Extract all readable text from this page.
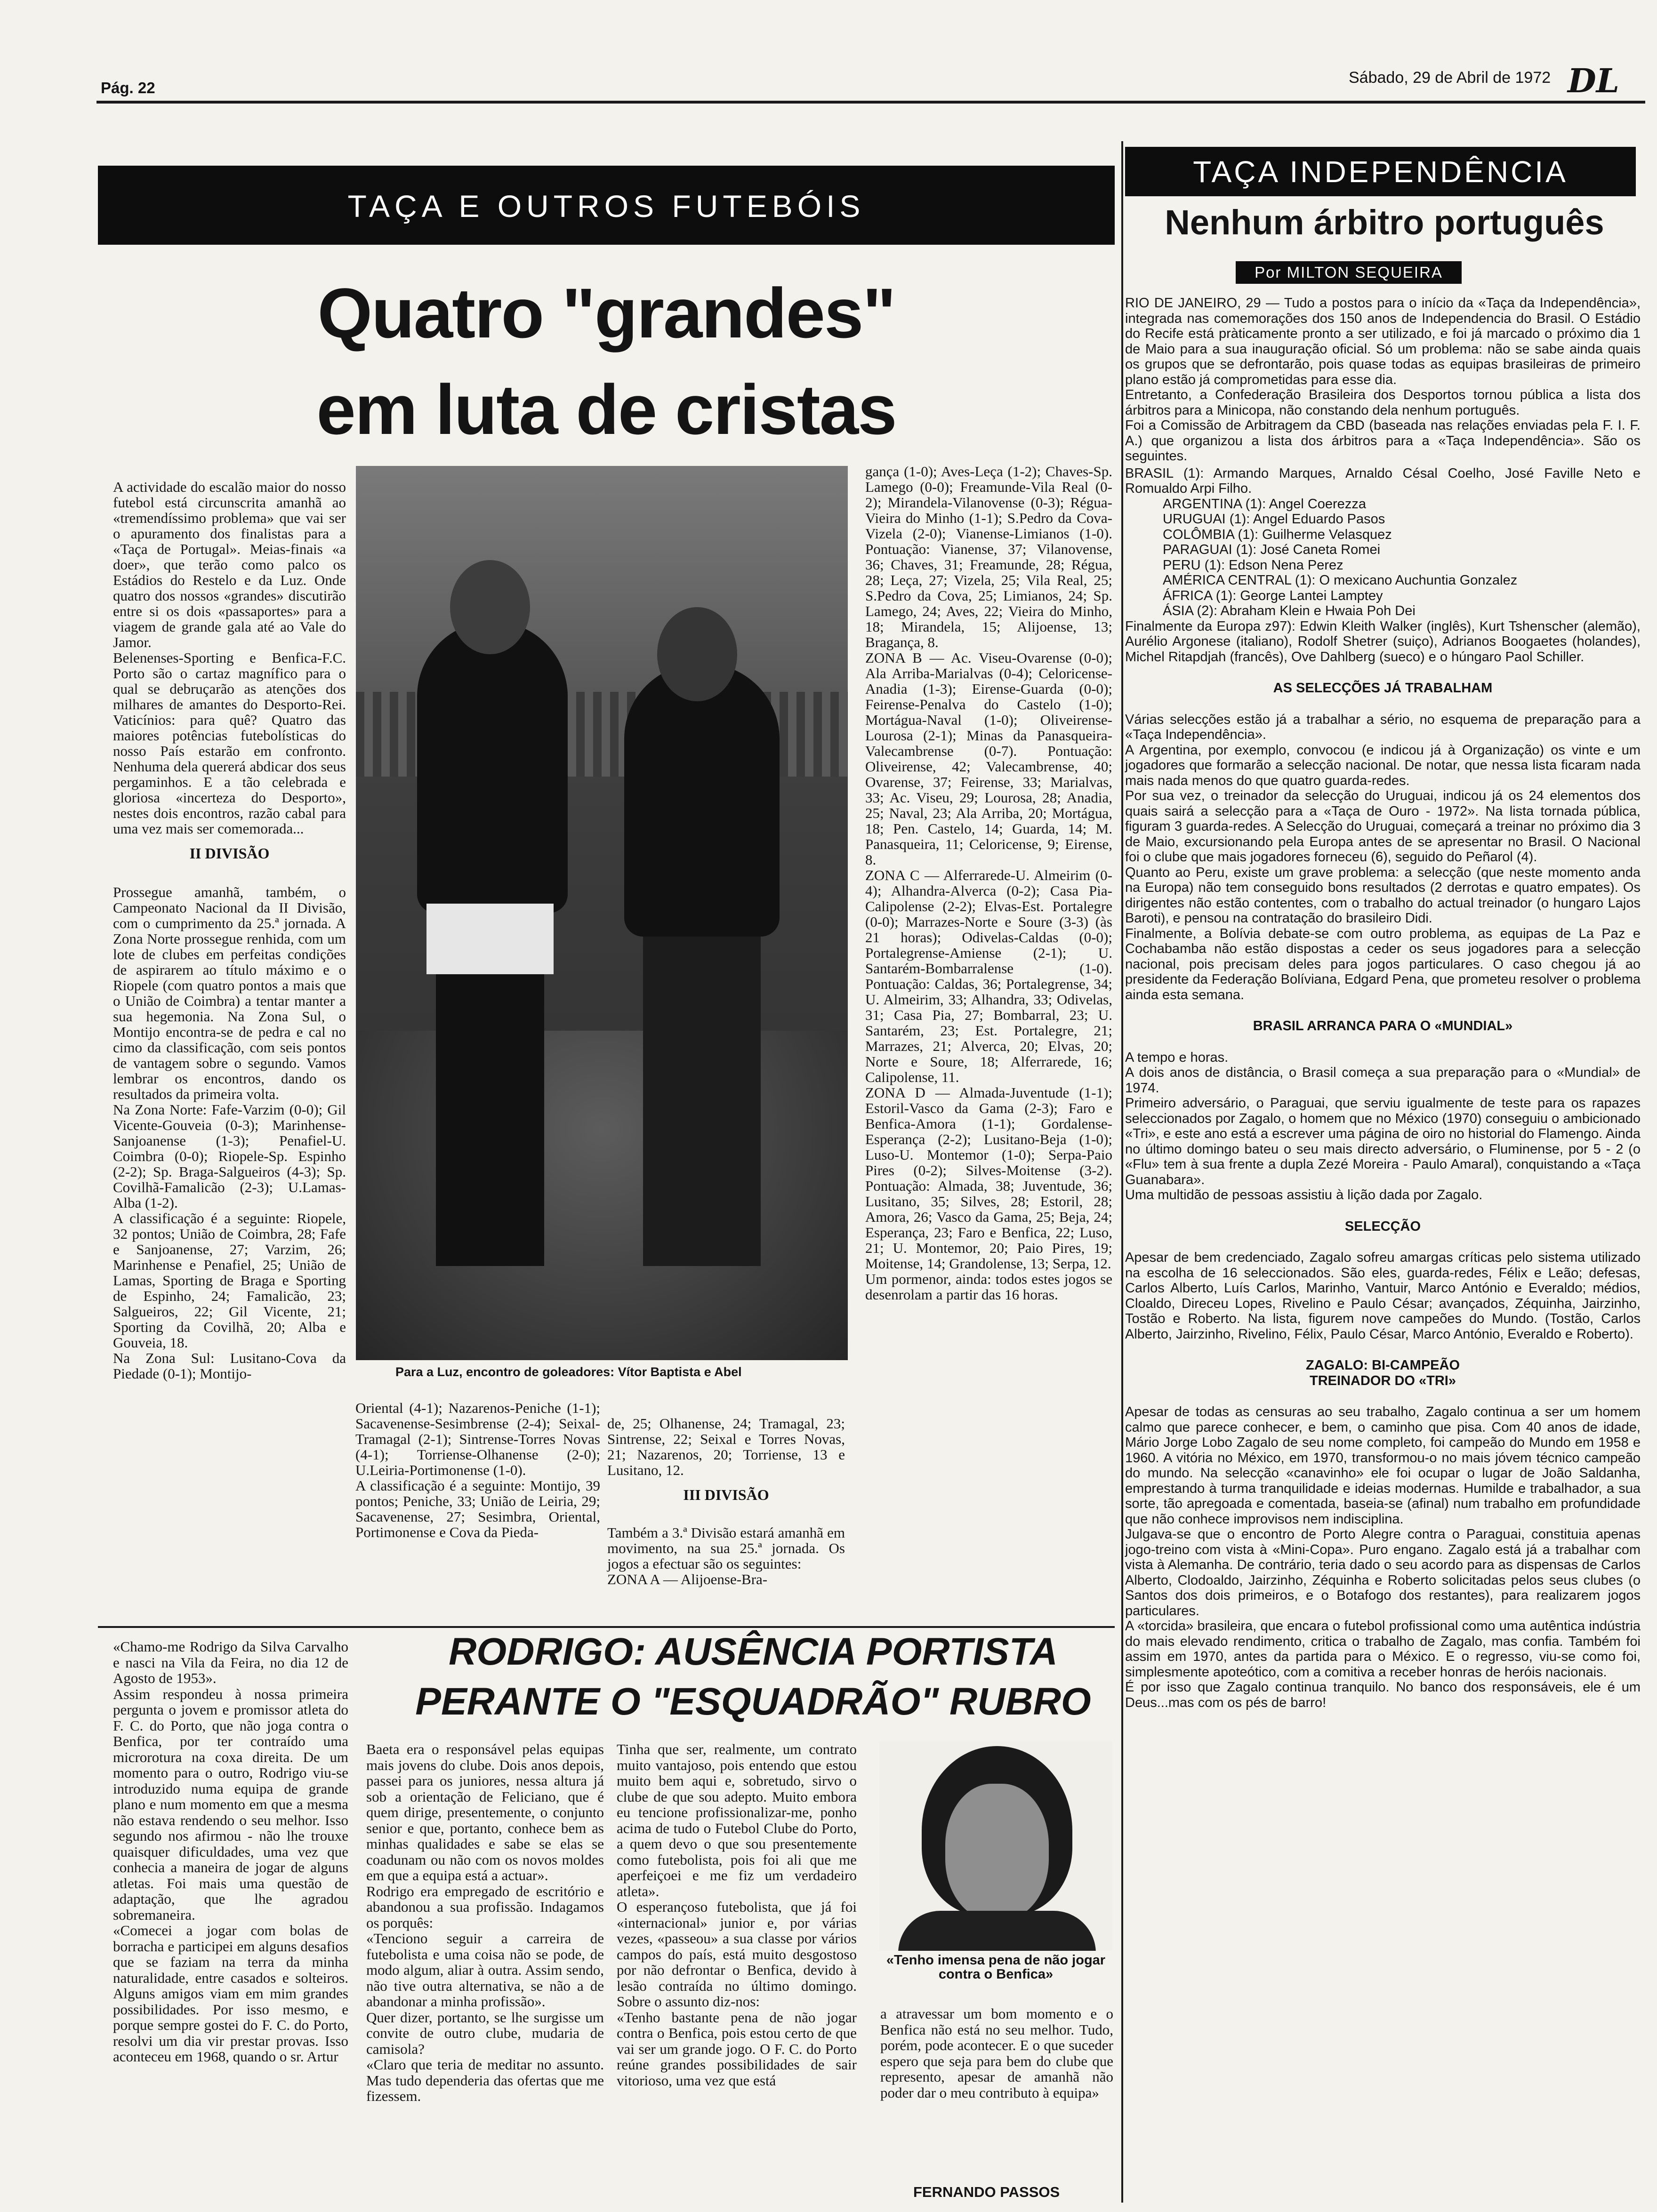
Pág. 22
Sábado, 29 de Abril de 1972 DL
TAÇA E OUTROS FUTEBÓIS
Quatro "grandes"
em luta de cristas

A actividade do escalão maior do nosso futebol está circunscrita amanhã ao «tremendíssimo problema» que vai ser o apuramento dos finalistas para a «Taça de Portugal». Meias-finais «a doer», que terão como palco os Estádios do Restelo e da Luz. Onde quatro dos nossos «grandes» discutirão entre si os dois «passaportes» para a viagem de grande gala até ao Vale do Jamor.
Belenenses-Sporting e Benfica-F.C. Porto são o cartaz magnífico para o qual se debruçarão as atenções dos milhares de amantes do Desporto-Rei. Vaticínios: para quê? Quatro das maiores potências futebolísticas do nosso País estarão em confronto. Nenhuma dela quererá abdicar dos seus pergaminhos. E a tão celebrada e gloriosa «incerteza do Desporto», nestes dois encontros, razão cabal para uma vez mais ser comemorada...

II DIVISÃO

Prossegue amanhã, também, o Campeonato Nacional da II Divisão, com o cumprimento da 25.ª jornada. A Zona Norte prossegue renhida, com um lote de clubes em perfeitas condições de aspirarem ao título máximo e o Riopele (com quatro pontos a mais que o União de Coimbra) a tentar manter a sua hegemonia. Na Zona Sul, o Montijo encontra-se de pedra e cal no cimo da classificação, com seis pontos de vantagem sobre o segundo. Vamos lembrar os encontros, dando os resultados da primeira volta.
Na Zona Norte: Fafe-Varzim (0-0); Gil Vicente-Gouveia (0-3); Marinhense-Sanjoanense (1-3); Penafiel-U. Coimbra (0-0); Riopele-Sp. Espinho (2-2); Sp. Braga-Salgueiros (4-3); Sp. Covilhã-Famalicão (2-3); U.Lamas-Alba (1-2).
A classificação é a seguinte: Riopele, 32 pontos; União de Coimbra, 28; Fafe e Sanjoanense, 27; Varzim, 26; Marinhense e Penafiel, 25; União de Lamas, Sporting de Braga e Sporting de Espinho, 24; Famalicão, 23; Salgueiros, 22; Gil Vicente, 21; Sporting da Covilhã, 20; Alba e Gouveia, 18.
Na Zona Sul: Lusitano-Cova da Piedade (0-1); Montijo-	Para a Luz, encontro de goleadores: Vítor Baptista e Abel
Oriental (4-1); Nazarenos-Peniche (1-1); Sacavenense-Sesimbrense (2-4); Seixal-Tramagal (2-1); Sintrense-Torres Novas (4-1); Torriense-Olhanense (2-0); U.Leiria-Portimonense (1-0).
A classificação é a seguinte: Montijo, 39 pontos; Peniche, 33; União de Leiria, 29; Sacavenense, 27; Sesimbra, Oriental, Portimonense e Cova da Pieda-

de, 25; Olhanense, 24; Tramagal, 23; Sintrense, 22; Seixal e Torres Novas, 21; Nazarenos, 20; Torriense, 13 e Lusitano, 12.

III DIVISÃO

Também a 3.ª Divisão estará amanhã em movimento, na sua 25.ª jornada. Os jogos a efectuar são os seguintes:
ZONA A — Alijoense-Bra-

gança (1-0); Aves-Leça (1-2); Chaves-Sp. Lamego (0-0); Freamunde-Vila Real (0-2); Mirandela-Vilanovense (0-3); Régua-Vieira do Minho (1-1); S.Pedro da Cova-Vizela (2-0); Vianense-Limianos (1-0). Pontuação: Vianense, 37; Vilanovense, 36; Chaves, 31; Freamunde, 28; Régua, 28; Leça, 27; Vizela, 25; Vila Real, 25; S.Pedro da Cova, 25; Limianos, 24; Sp. Lamego, 24; Aves, 22; Vieira do Minho, 18; Mirandela, 15; Alijoense, 13; Bragança, 8.
ZONA B — Ac. Viseu-Ovarense (0-0); Ala Arriba-Marialvas (0-4); Celoricense-Anadia (1-3); Eirense-Guarda (0-0); Feirense-Penalva do Castelo (1-0); Mortágua-Naval (1-0); Oliveirense-Lourosa (2-1); Minas da Panasqueira-Valecambrense (0-7). Pontuação: Oliveirense, 42; Valecambrense, 40; Ovarense, 37; Feirense, 33; Marialvas, 33; Ac. Viseu, 29; Lourosa, 28; Anadia, 25; Naval, 23; Ala Arriba, 20; Mortágua, 18; Pen. Castelo, 14; Guarda, 14; M. Panasqueira, 11; Celoricense, 9; Eirense, 8.
ZONA C — Alferrarede-U. Almeirim (0-4); Alhandra-Alverca (0-2); Casa Pia-Calipolense (2-2); Elvas-Est. Portalegre (0-0); Marrazes-Norte e Soure (3-3) (às 21 horas); Odivelas-Caldas (0-0); Portalegrense-Amiense (2-1); U. Santarém-Bombarralense (1-0). Pontuação: Caldas, 36; Portalegrense, 34; U. Almeirim, 33; Alhandra, 33; Odivelas, 31; Casa Pia, 27; Bombarral, 23; U. Santarém, 23; Est. Portalegre, 21; Marrazes, 21; Alverca, 20; Elvas, 20; Norte e Soure, 18; Alferrarede, 16; Calipolense, 11.
ZONA D — Almada-Juventude (1-1); Estoril-Vasco da Gama (2-3); Faro e Benfica-Amora (1-1); Gordalense-Esperança (2-2); Lusitano-Beja (1-0); Luso-U. Montemor (1-0); Serpa-Paio Pires (0-2); Silves-Moitense (3-2). Pontuação: Almada, 38; Juventude, 36; Lusitano, 35; Silves, 28; Estoril, 28; Amora, 26; Vasco da Gama, 25; Beja, 24; Esperança, 23; Faro e Benfica, 22; Luso, 21; U. Montemor, 20; Paio Pires, 19; Moitense, 14; Grandolense, 13; Serpa, 12.
Um pormenor, ainda: todos estes jogos se desenrolam a partir das 16 horas.
TAÇA INDEPENDÊNCIA
Nenhum árbitro português
Por MILTON SEQUEIRA
RIO DE JANEIRO, 29 — Tudo a postos para o início da «Taça da Independência», integrada nas comemorações dos 150 anos de Independencia do Brasil. O Estádio do Recife está pràticamente pronto a ser utilizado, e foi já marcado o próximo dia 1 de Maio para a sua inauguração oficial. Só um problema: não se sabe ainda quais os grupos que se defrontarão, pois quase todas as equipas brasileiras de primeiro plano estão já comprometidas para esse dia.
Entretanto, a Confederação Brasileira dos Desportos tornou pública a lista dos árbitros para a Minicopa, não constando dela nenhum português.
Foi a Comissão de Arbitragem da CBD (baseada nas relações enviadas pela F. I. F. A.) que organizou a lista dos árbitros para a «Taça Independência». São os seguintes.
BRASIL (1): Armando Marques, Arnaldo Césal Coelho, José Faville Neto e Romualdo Arpi Filho.
ARGENTINA (1): Angel Coerezza
URUGUAI (1): Angel Eduardo Pasos
COLÔMBIA (1): Guilherme Velasquez
PARAGUAI (1): José Caneta Romei
PERU (1): Edson Nena Perez
AMÉRICA CENTRAL (1): O mexicano Auchuntia Gonzalez
ÁFRICA (1): George Lantei Lamptey
ÁSIA (2): Abraham Klein e Hwaia Poh Dei
Finalmente da Europa z97): Edwin Kleith Walker (inglês), Kurt Tshenscher (alemão), Aurélio Argonese (italiano), Rodolf Shetrer (suiço), Adrianos Boogaetes (holandes), Michel Ritapdjah (francês), Ove Dahlberg (sueco) e o húngaro Paol Schiller.
AS SELECÇÕES JÁ TRABALHAM
Várias selecções estão já a trabalhar a sério, no esquema de preparação para a «Taça Independência».
A Argentina, por exemplo, convocou (e indicou já à Organização) os vinte e um jogadores que formarão a selecção nacional. De notar, que nessa lista ficaram nada mais nada menos do que quatro guarda-redes.
Por sua vez, o treinador da selecção do Uruguai, indicou já os 24 elementos dos quais sairá a selecção para a «Taça de Ouro - 1972». Na lista tornada pública, figuram 3 guarda-redes. A Selecção do Uruguai, começará a treinar no próximo dia 3 de Maio, excursionando pela Europa antes de se apresentar no Brasil. O Nacional foi o clube que mais jogadores forneceu (6), seguido do Peñarol (4).
Quanto ao Peru, existe um grave problema: a selecção (que neste momento anda na Europa) não tem conseguido bons resultados (2 derrotas e quatro empates). Os dirigentes não estão contentes, com o trabalho do actual treinador (o hungaro Lajos Baroti), e pensou na contratação do brasileiro Didi.
Finalmente, a Bolívia debate-se com outro problema, as equipas de La Paz e Cochabamba não estão dispostas a ceder os seus jogadores para a selecção nacional, pois precisam deles para jogos particulares. O caso chegou já ao presidente da Federação Bolíviana, Edgard Pena, que prometeu resolver o problema ainda esta semana.
BRASIL ARRANCA PARA O «MUNDIAL»
A tempo e horas.
A dois anos de distância, o Brasil começa a sua preparação para o «Mundial» de 1974.
Primeiro adversário, o Paraguai, que serviu igualmente de teste para os rapazes seleccionados por Zagalo, o homem que no México (1970) conseguiu o ambicionado «Tri», e este ano está a escrever uma página de oiro no historial do Flamengo. Ainda no último domingo bateu o seu mais directo adversário, o Fluminense, por 5 - 2 (o «Flu» tem à sua frente a dupla Zezé Moreira - Paulo Amaral), conquistando a «Taça Guanabara».
Uma multidão de pessoas assistiu à lição dada por Zagalo.
SELECÇÃO
Apesar de bem credenciado, Zagalo sofreu amargas críticas pelo sistema utilizado na escolha de 16 seleccionados. São eles, guarda-redes, Félix e Leão; defesas, Carlos Alberto, Luís Carlos, Marinho, Vantuir, Marco António e Everaldo; médios, Cloaldo, Direceu Lopes, Rivelino e Paulo César; avançados, Zéquinha, Jairzinho, Tostão e Roberto. Na lista, figurem nove campeões do Mundo. (Tostão, Carlos Alberto, Jairzinho, Rivelino, Félix, Paulo César, Marco António, Everaldo e Roberto).
ZAGALO: BI-CAMPEÃO
TREINADOR DO «TRI»
Apesar de todas as censuras ao seu trabalho, Zagalo continua a ser um homem calmo que parece conhecer, e bem, o caminho que pisa. Com 40 anos de idade, Mário Jorge Lobo Zagalo de seu nome completo, foi campeão do Mundo em 1958 e 1960. A vitória no México, em 1970, transformou-o no mais jóvem técnico campeão do mundo. Na selecção «canavinho» ele foi ocupar o lugar de João Saldanha, emprestando à turma tranquilidade e ideias modernas. Humilde e trabalhador, a sua sorte, tão apregoada e comentada, baseia-se (afinal) num trabalho em profundidade que não conhece improvisos nem indisciplina.
Julgava-se que o encontro de Porto Alegre contra o Paraguai, constituia apenas jogo-treino com vista à «Mini-Copa». Puro engano. Zagalo está já a trabalhar com vista à Alemanha. De contrário, teria dado o seu acordo para as dispensas de Carlos Alberto, Clodoaldo, Jairzinho, Zéquinha e Roberto solicitadas pelos seus clubes (o Santos dos dois primeiros, e o Botafogo dos restantes), para realizarem jogos particulares.
A «torcida» brasileira, que encara o futebol profissional como uma autêntica indústria do mais elevado rendimento, critica o trabalho de Zagalo, mas confia. Também foi assim em 1970, antes da partida para o México. E o regresso, viu-se como foi, simplesmente apoteótico, com a comitiva a receber honras de heróis nacionais.
É por isso que Zagalo continua tranquilo. No banco dos responsáveis, ele é um Deus...mas com os pés de barro!
RODRIGO: AUSÊNCIA PORTISTA
PERANTE O "ESQUADRÃO" RUBRO
«Chamo-me Rodrigo da Silva Carvalho e nasci na Vila da Feira, no dia 12 de Agosto de 1953».
Assim respondeu à nossa primeira pergunta o jovem e promissor atleta do F. C. do Porto, que não joga contra o Benfica, por ter contraído uma microrotura na coxa direita. De um momento para o outro, Rodrigo viu-se introduzido numa equipa de grande plano e num momento em que a mesma não estava rendendo o seu melhor. Isso segundo nos afirmou - não lhe trouxe quaisquer dificuldades, uma vez que conhecia a maneira de jogar de alguns atletas. Foi mais uma questão de adaptação, que lhe agradou sobremaneira.
«Comecei a jogar com bolas de borracha e participei em alguns desafios que se faziam na terra da minha naturalidade, entre casados e solteiros. Alguns amigos viam em mim grandes possibilidades. Por isso mesmo, e porque sempre gostei do F. C. do Porto, resolvi um dia vir prestar provas. Isso aconteceu em 1968, quando o sr. Artur
Baeta era o responsável pelas equipas mais jovens do clube. Dois anos depois, passei para os juniores, nessa altura já sob a orientação de Feliciano, que é quem dirige, presentemente, o conjunto senior e que, portanto, conhece bem as minhas qualidades e sabe se elas se coadunam ou não com os novos moldes em que a equipa está a actuar».
Rodrigo era empregado de escritório e abandonou a sua profissão. Indagamos os porquês:
«Tenciono seguir a carreira de futebolista e uma coisa não se pode, de modo algum, aliar à outra. Assim sendo, não tive outra alternativa, se não a de abandonar a minha profissão».
Quer dizer, portanto, se lhe surgisse um convite de outro clube, mudaria de camisola?
«Claro que teria de meditar no assunto. Mas tudo dependeria das ofertas que me fizessem.
Tinha que ser, realmente, um contrato muito vantajoso, pois entendo que estou muito bem aqui e, sobretudo, sirvo o clube de que sou adepto. Muito embora eu tencione profissionalizar-me, ponho acima de tudo o Futebol Clube do Porto, a quem devo o que sou presentemente como futebolista, pois foi ali que me aperfeiçoei e me fiz um verdadeiro atleta».
O esperançoso futebolista, que já foi «internacional» junior e, por várias vezes, «passeou» a sua classe por vários campos do país, está muito desgostoso por não defrontar o Benfica, devido à lesão contraída no último domingo. Sobre o assunto diz-nos:
«Tenho bastante pena de não jogar contra o Benfica, pois estou certo de que vai ser um grande jogo. O F. C. do Porto reúne grandes possibilidades de sair vitorioso, uma vez que está
«Tenho imensa pena de não jogar contra o Benfica»
a atravessar um bom momento e o Benfica não está no seu melhor. Tudo, porém, pode acontecer. E o que suceder espero que seja para bem do clube que represento, apesar de amanhã não poder dar o meu contributo à equipa»
FERNANDO PASSOS
